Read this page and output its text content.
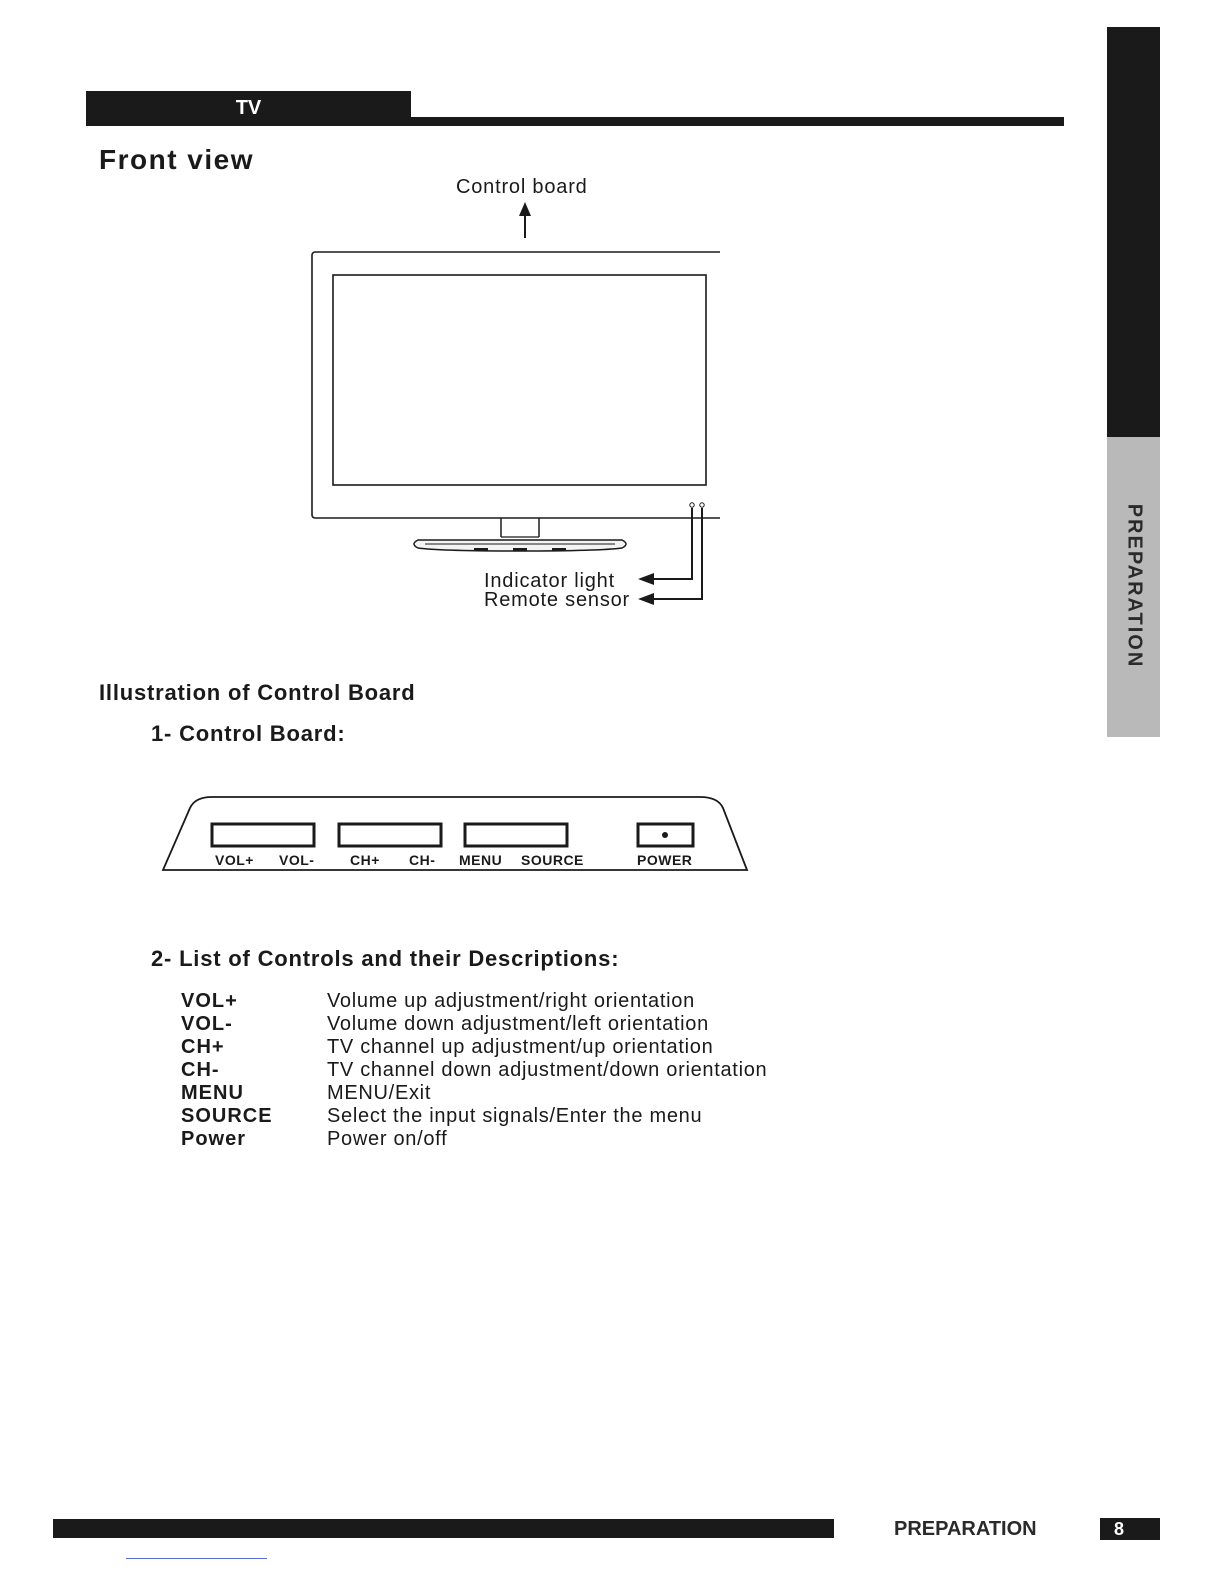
TV
PREPARATION
Front view
Control board
Indicator light
Remote sensor
Illustration of Control Board
1- Control Board:
VOL+ VOL-	CH+ CH- MENU SOURCE	POWER
2- List of Controls and their Descriptions:
VOL+	Volume up adjustment/right orientation
VOL-	Volume down adjustment/left orientation
CH+	TV channel up adjustment/up orientation
CH-	TV channel down adjustment/down orientation
MENU	MENU/Exit
SOURCE	Select the input signals/Enter the menu
Power	Power on/off
PREPARATION	8
